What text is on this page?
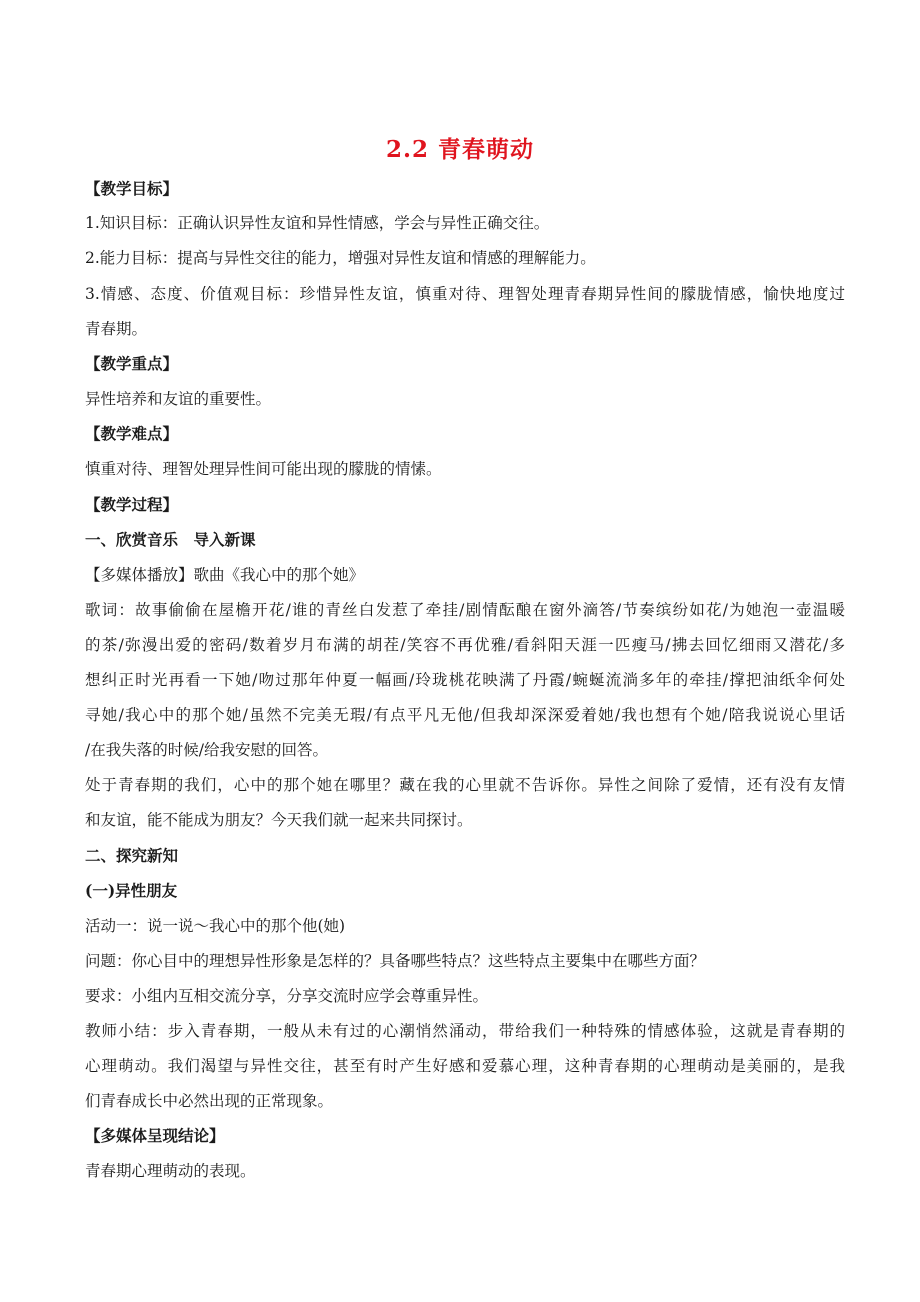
2.2 青春萌动
【教学目标】
1.知识目标：正确认识异性友谊和异性情感，学会与异性正确交往。
2.能力目标：提高与异性交往的能力，增强对异性友谊和情感的理解能力。
3.情感、态度、价值观目标：珍惜异性友谊，慎重对待、理智处理青春期异性间的朦胧情感，愉快地度过
青春期。
【教学重点】
异性培养和友谊的重要性。
【教学难点】
慎重对待、理智处理异性间可能出现的朦胧的情愫。
【教学过程】
一、欣赏音乐　导入新课
【多媒体播放】歌曲《我心中的那个她》
歌词：故事偷偷在屋檐开花/谁的青丝白发惹了牵挂/剧情酝酿在窗外滴答/节奏缤纷如花/为她泡一壶温暖
的茶/弥漫出爱的密码/数着岁月布满的胡茬/笑容不再优雅/看斜阳天涯一匹瘦马/拂去回忆细雨又潜花/多
想纠正时光再看一下她/吻过那年仲夏一幅画/玲珑桃花映满了丹霞/蜿蜒流淌多年的牵挂/撑把油纸伞何处
寻她/我心中的那个她/虽然不完美无瑕/有点平凡无他/但我却深深爱着她/我也想有个她/陪我说说心里话
/在我失落的时候/给我安慰的回答。
处于青春期的我们，心中的那个她在哪里？藏在我的心里就不告诉你。异性之间除了爱情，还有没有友情
和友谊，能不能成为朋友？今天我们就一起来共同探讨。
二、探究新知
(一)异性朋友
活动一：说一说～我心中的那个他(她)
问题：你心目中的理想异性形象是怎样的？具备哪些特点？这些特点主要集中在哪些方面？
要求：小组内互相交流分享，分享交流时应学会尊重异性。
教师小结：步入青春期，一般从未有过的心潮悄然涌动，带给我们一种特殊的情感体验，这就是青春期的
心理萌动。我们渴望与异性交往，甚至有时产生好感和爱慕心理，这种青春期的心理萌动是美丽的，是我
们青春成长中必然出现的正常现象。
【多媒体呈现结论】
青春期心理萌动的表现。
